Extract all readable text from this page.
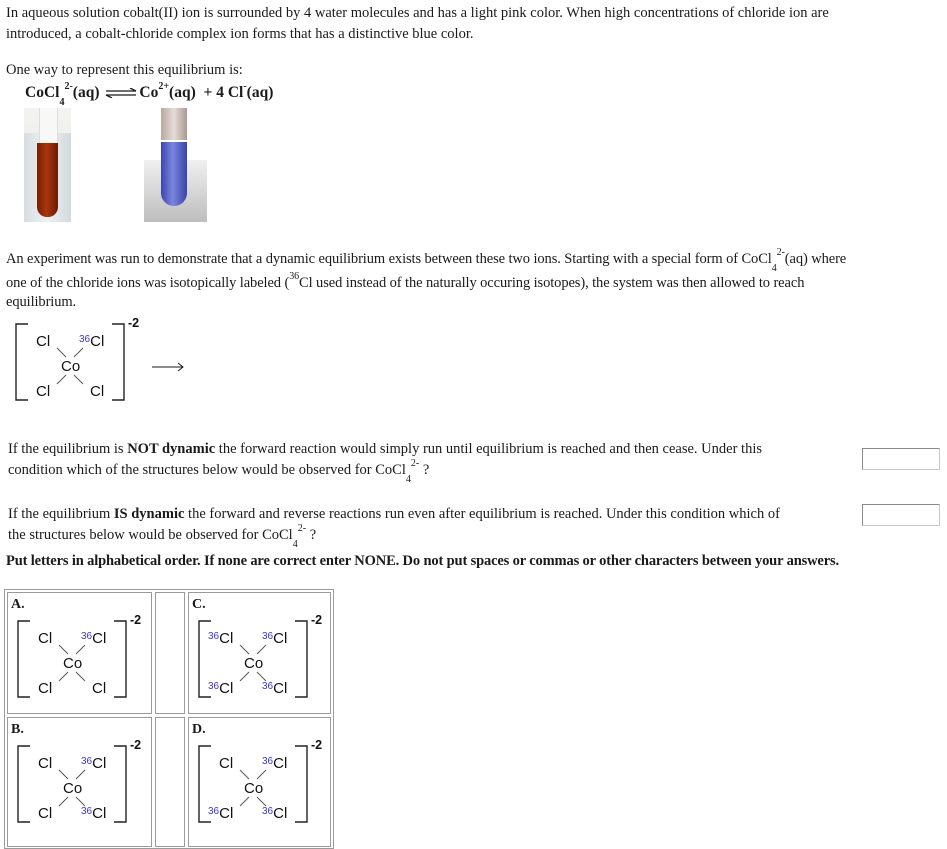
In aqueous solution cobalt(II) ion is surrounded by 4 water molecules and has a light pink color. When high concentrations of chloride ion are
introduced, a cobalt-chloride complex ion forms that has a distinctive blue color.
One way to represent this equilibrium is:
CoCl$_4^{2-}$(aq) ⇌ $Co^{2+}(aq) + 4$ Cl-(aq)
An experiment was run to demonstrate that a dynamic equilibrium exists between these two ions. Starting with a special form of CoCl$_4^{2-}$(aq) where
one of the chloride ions was isotopically labeled ($^{36}$Cl used instead of the naturally occuring isotopes), the system was then allowed to reach
equilibrium.
Cl	$^{36}$Cl
Cl	Cl
Co
-2
If the equilibrium is NOT dynamic the forward reaction would simply run until equilibrium is reached and then cease. Under this
condition which of the structures below would be observed for CoCl$_4^{2-}$ ?
If the equilibrium IS dynamic the forward and reverse reactions run even after equilibrium is reached. Under this condition which of
the structures below would be observed for CoCl$_4^{2-}$ ?
Put letters in alphabetical order. If none are correct enter NONE. Do not put spaces or commas or other characters between your answers.
A.
Cl	$^{36}$Cl
Cl	Cl
Co
-2
C.
$^{36}$Cl	$^{36}$Cl
$^{36}$Cl	$^{36}$Cl
Co
-2
B.
Cl	$^{36}$Cl
Cl	$^{36}$Cl
Co
-2
D.
Cl	$^{36}$Cl
$^{36}$Cl	$^{36}$Cl
Co
-2
